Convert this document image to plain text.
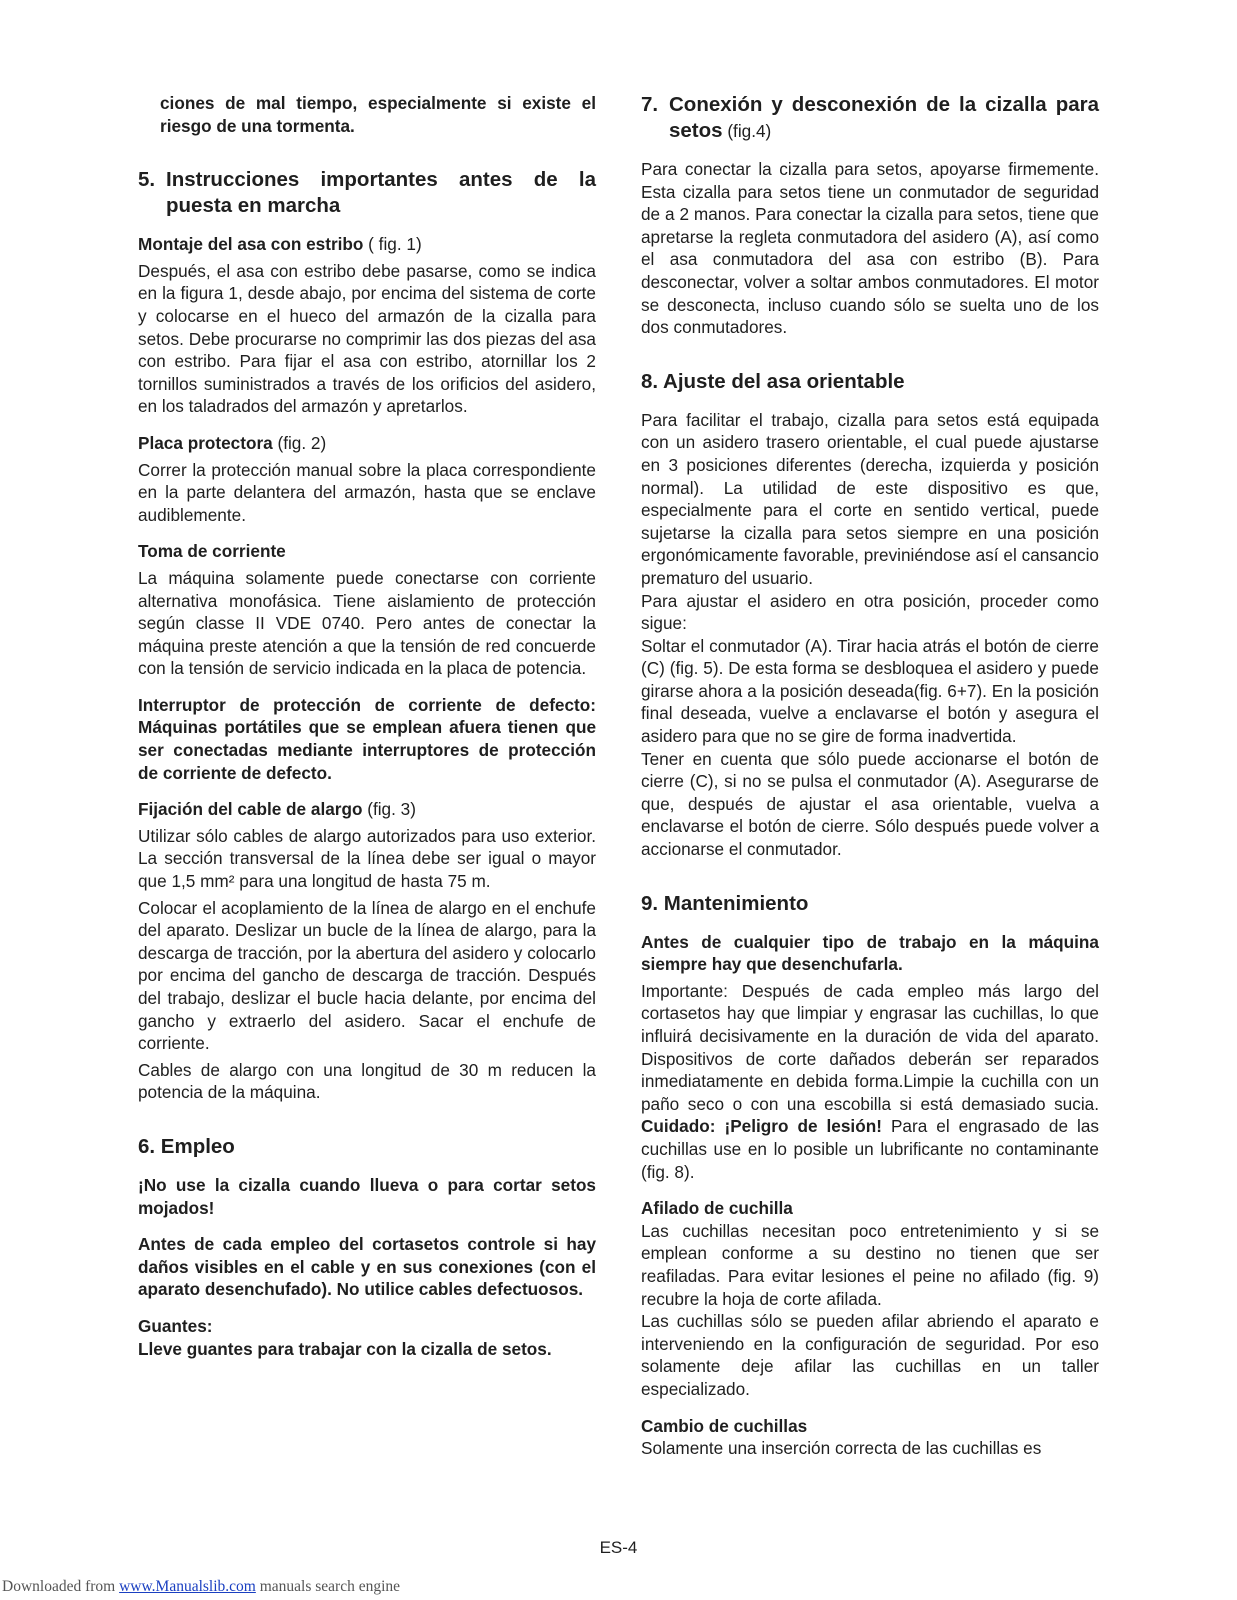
ciones de mal tiempo, especialmente si existe el riesgo de una tormenta.

5. Instrucciones importantes antes de la
puesta en marcha

Montaje del asa con estribo ( fig. 1)

Después, el asa con estribo debe pasarse, como se indica en la figura 1, desde abajo, por encima del sistema de corte y colocarse en el hueco del armazón de la cizalla para setos. Debe procurarse no comprimir las dos piezas del asa con estribo. Para fijar el asa con estribo, atornillar los 2 tornillos suministrados a través de los orificios del asidero, en los taladrados del armazón y apretarlos.

Placa protectora (fig. 2)

Correr la protección manual sobre la placa correspondiente en la parte delantera del armazón, hasta que se enclave audiblemente.

Toma de corriente

La máquina solamente puede conectarse con corriente alternativa monofásica. Tiene aislamiento de protección según classe II VDE 0740. Pero antes de conectar la máquina preste atención a que la tensión de red concuerde con la tensión de servicio indicada en la placa de potencia.

Interruptor de protección de corriente de defecto: Máquinas portátiles que se emplean afuera tienen que ser conectadas mediante interruptores de protección de corriente de defecto.

Fijación del cable de alargo (fig. 3)

Utilizar sólo cables de alargo autorizados para uso exterior. La sección transversal de la línea debe ser igual o mayor que 1,5 mm² para una longitud de hasta 75 m.

Colocar el acoplamiento de la línea de alargo en el enchufe del aparato. Deslizar un bucle de la línea de alargo, para la descarga de tracción, por la abertura del asidero y colocarlo por encima del gancho de descarga de tracción. Después del trabajo, deslizar el bucle hacia delante, por encima del gancho y extraerlo del asidero. Sacar el enchufe de corriente.

Cables de alargo con una longitud de 30 m reducen la potencia de la máquina.

6. Empleo

¡No use la cizalla cuando llueva o para cortar setos mojados!

Antes de cada empleo del cortasetos controle si hay daños visibles en el cable y en sus conexiones (con el aparato desenchufado). No utilice cables defectuosos.

Guantes:

Lleve guantes para trabajar con la cizalla de setos.

7. Conexión y desconexión de la cizalla para
setos (fig.4)

Para conectar la cizalla para setos, apoyarse firmemente. Esta cizalla para setos tiene un conmutador de seguridad de a 2 manos. Para conectar la cizalla para setos, tiene que apretarse la regleta conmutadora del asidero (A), así como el asa conmutadora del asa con estribo (B). Para desconectar, volver a soltar ambos conmutadores. El motor se desconecta, incluso cuando sólo se suelta uno de los dos conmutadores.

8. Ajuste del asa orientable

Para facilitar el trabajo, cizalla para setos está equipada con un asidero trasero orientable, el cual puede ajustarse en 3 posiciones diferentes (derecha, izquierda y posición normal). La utilidad de este dispositivo es que, especialmente para el corte en sentido vertical, puede sujetarse la cizalla para setos siempre en una posición ergonómicamente favorable, previniéndose así el cansancio prematuro del usuario.

Para ajustar el asidero en otra posición, proceder como sigue:

Soltar el conmutador (A). Tirar hacia atrás el botón de cierre (C) (fig. 5). De esta forma se desbloquea el asidero y puede girarse ahora a la posición deseada(fig. 6+7). En la posición final deseada, vuelve a enclavarse el botón y asegura el asidero para que no se gire de forma inadvertida.

Tener en cuenta que sólo puede accionarse el botón de cierre (C), si no se pulsa el conmutador (A). Asegurarse de que, después de ajustar el asa orientable, vuelva a enclavarse el botón de cierre. Sólo después puede volver a accionarse el conmutador.

9. Mantenimiento

Antes de cualquier tipo de trabajo en la máquina siempre hay que desenchufarla.

Importante: Después de cada empleo más largo del cortasetos hay que limpiar y engrasar las cuchillas, lo que influirá decisivamente en la duración de vida del aparato. Dispositivos de corte dañados deberán ser reparados inmediatamente en debida forma.Limpie la cuchilla con un paño seco o con una escobilla si está demasiado sucia. Cuidado: ¡Peligro de lesión! Para el engrasado de las cuchillas use en lo posible un lubrificante no contaminante (fig. 8).

Afilado de cuchilla

Las cuchillas necesitan poco entretenimiento y si se emplean conforme a su destino no tienen que ser reafiladas. Para evitar lesiones el peine no afilado (fig. 9) recubre la hoja de corte afilada.

Las cuchillas sólo se pueden afilar abriendo el aparato e interveniendo en la configuración de seguridad. Por eso solamente deje afilar las cuchillas en un taller especializado.

Cambio de cuchillas

Solamente una inserción correcta de las cuchillas es

ES-4
Downloaded from www.Manualslib.com manuals search engine
